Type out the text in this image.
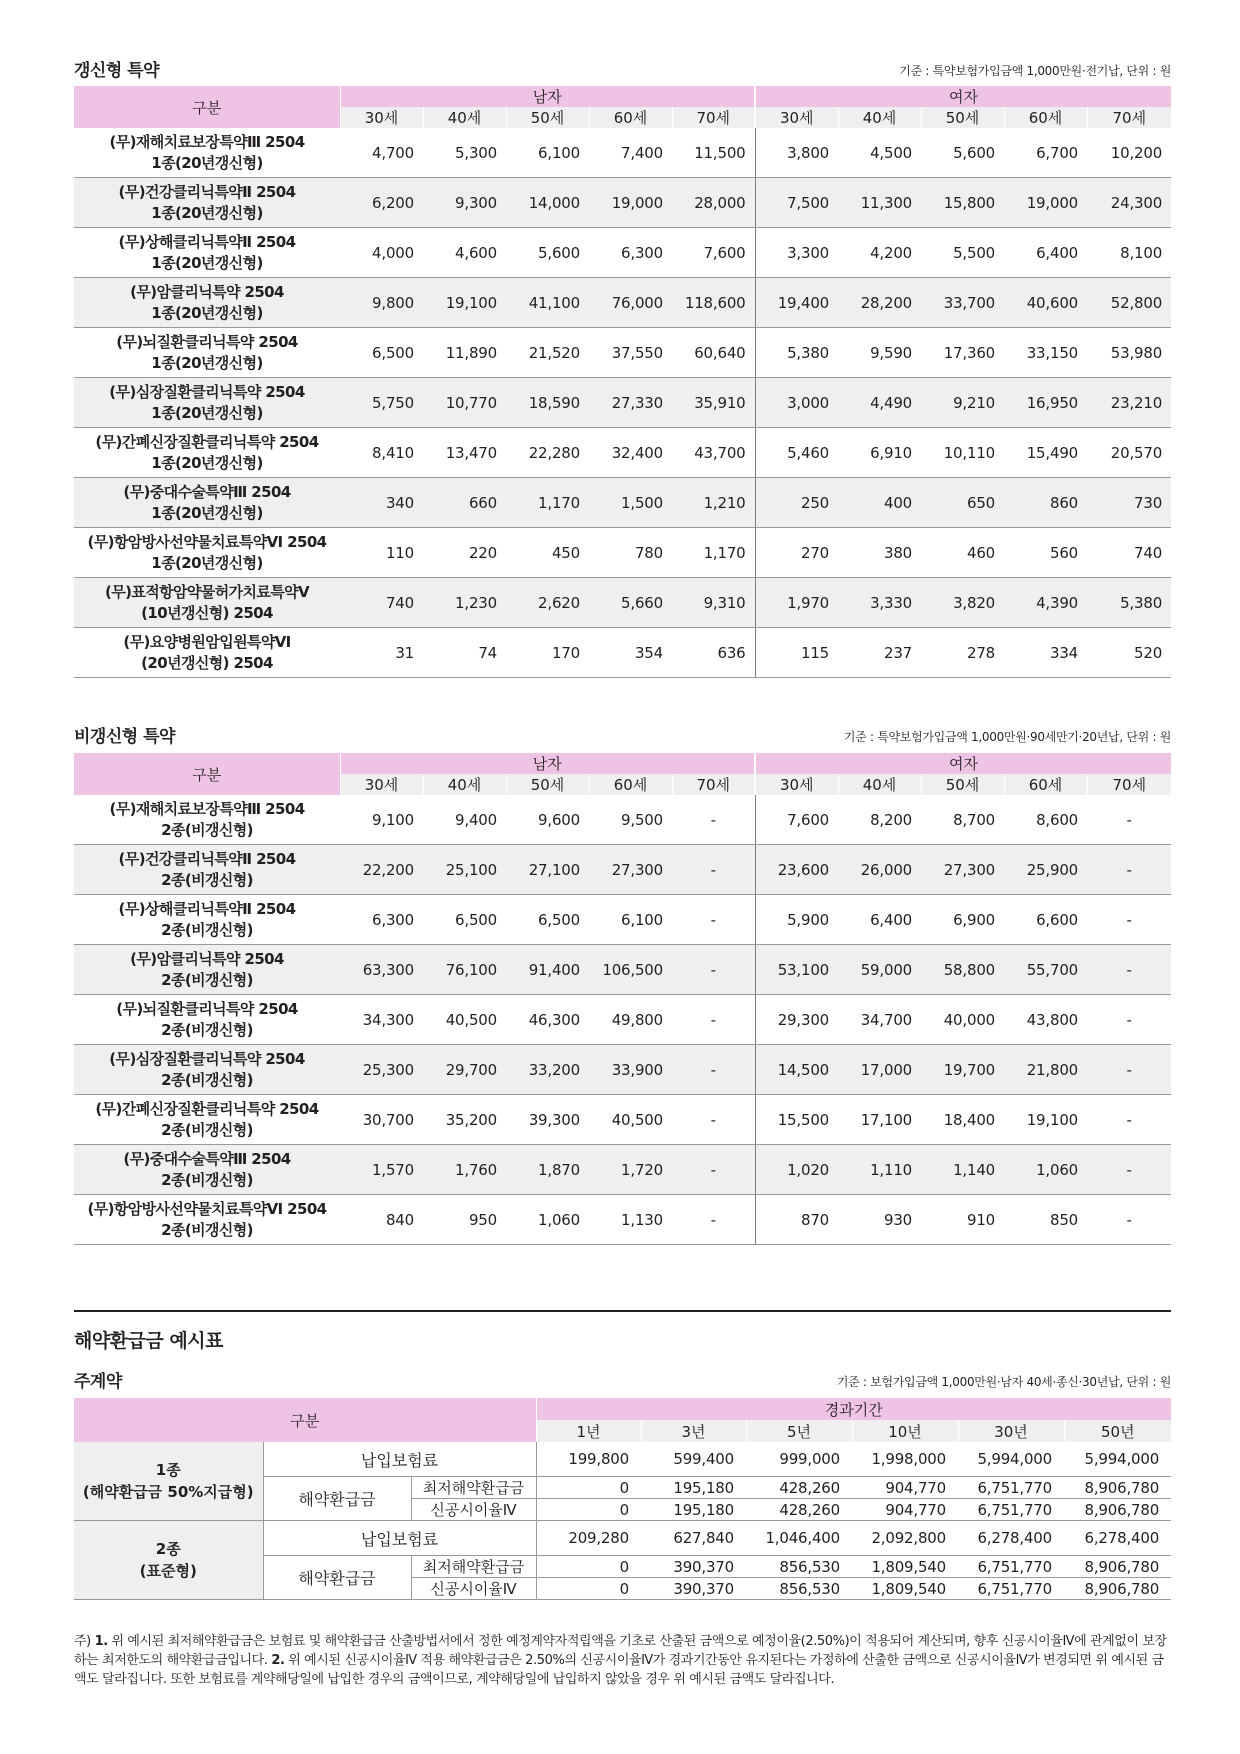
갱신형 특약	기준 : 특약보험가입금액 1,000만원·전기납, 단위 : 원
구분	남자					여자				
	30세	40세	50세	60세	70세	30세	40세	50세	60세	70세

(무)재해치료보장특약Ⅲ 2504
1종(20년갱신형)	4,700	5,300	6,100	7,400	11,500	3,800	4,500	5,600	6,700	10,200

(무)건강클리닉특약Ⅱ 2504
1종(20년갱신형)	6,200	9,300	14,000	19,000	28,000	7,500	11,300	15,800	19,000	24,300

(무)상해클리닉특약Ⅱ 2504
1종(20년갱신형)	4,000	4,600	5,600	6,300	7,600	3,300	4,200	5,500	6,400	8,100

(무)암클리닉특약 2504
1종(20년갱신형)	9,800	19,100	41,100	76,000	118,600	19,400	28,200	33,700	40,600	52,800

(무)뇌질환클리닉특약 2504
1종(20년갱신형)	6,500	11,890	21,520	37,550	60,640	5,380	9,590	17,360	33,150	53,980

(무)심장질환클리닉특약 2504
1종(20년갱신형)	5,750	10,770	18,590	27,330	35,910	3,000	4,490	9,210	16,950	23,210

(무)간폐신장질환클리닉특약 2504
1종(20년갱신형)	8,410	13,470	22,280	32,400	43,700	5,460	6,910	10,110	15,490	20,570

(무)중대수술특약Ⅲ 2504
1종(20년갱신형)	340	660	1,170	1,500	1,210	250	400	650	860	730

(무)항암방사선약물치료특약Ⅵ 2504
1종(20년갱신형)	110	220	450	780	1,170	270	380	460	560	740

(무)표적항암약물허가치료특약Ⅴ
(10년갱신형) 2504	740	1,230	2,620	5,660	9,310	1,970	3,330	3,820	4,390	5,380

(무)요양병원암입원특약Ⅵ
(20년갱신형) 2504	31	74	170	354	636	115	237	278	334	520
비갱신형 특약	기준 : 특약보험가입금액 1,000만원·90세만기·20년납, 단위 : 원
구분	남자					여자				
	30세	40세	50세	60세	70세	30세	40세	50세	60세	70세

(무)재해치료보장특약Ⅲ 2504
2종(비갱신형)	9,100	9,400	9,600	9,500	-	7,600	8,200	8,700	8,600	-

(무)건강클리닉특약Ⅱ 2504
2종(비갱신형)	22,200	25,100	27,100	27,300	-	23,600	26,000	27,300	25,900	-

(무)상해클리닉특약Ⅱ 2504
2종(비갱신형)	6,300	6,500	6,500	6,100	-	5,900	6,400	6,900	6,600	-

(무)암클리닉특약 2504
2종(비갱신형)	63,300	76,100	91,400	106,500	-	53,100	59,000	58,800	55,700	-

(무)뇌질환클리닉특약 2504
2종(비갱신형)	34,300	40,500	46,300	49,800	-	29,300	34,700	40,000	43,800	-

(무)심장질환클리닉특약 2504
2종(비갱신형)	25,300	29,700	33,200	33,900	-	14,500	17,000	19,700	21,800	-

(무)간폐신장질환클리닉특약 2504
2종(비갱신형)	30,700	35,200	39,300	40,500	-	15,500	17,100	18,400	19,100	-

(무)중대수술특약Ⅲ 2504
2종(비갱신형)	1,570	1,760	1,870	1,720	-	1,020	1,110	1,140	1,060	-

(무)항암방사선약물치료특약Ⅵ 2504
2종(비갱신형)	840	950	1,060	1,130	-	870	930	910	850	-
해약환급금 예시표
주계약	기준 : 보험가입금액 1,000만원·남자 40세·종신·30년납, 단위 : 원
구분			경과기간					
			1년	3년	5년	10년	30년	50년

1종
(해약환급금 50%지급형)	납입보험료		199,800	599,400	999,000	1,998,000	5,994,000	5,994,000
	해약환급금	최저해약환급금	0	195,180	428,260	904,770	6,751,770	8,906,780
		신공시이율Ⅳ	0	195,180	428,260	904,770	6,751,770	8,906,780

2종
(표준형)	납입보험료		209,280	627,840	1,046,400	2,092,800	6,278,400	6,278,400
	해약환급금	최저해약환급금	0	390,370	856,530	1,809,540	6,751,770	8,906,780
		신공시이율Ⅳ	0	390,370	856,530	1,809,540	6,751,770	8,906,780
주) 1. 위 예시된 최저해약환급금은 보험료 및 해약환급금 산출방법서에서 정한 예정계약자적립액을 기초로 산출된 금액으로 예정이율(2.50%)이 적용되어 계산되며, 향후 신공시이율Ⅳ에 관계없이 보장하는 최저한도의 해약환급금입니다. 2. 위 예시된 신공시이율Ⅳ 적용 해약환급금은 2.50%의 신공시이율Ⅳ가 경과기간동안 유지된다는 가정하에 산출한 금액으로 신공시이율Ⅳ가 변경되면 위 예시된 금액도 달라집니다. 또한 보험료를 계약해당일에 납입한 경우의 금액이므로, 계약해당일에 납입하지 않았을 경우 위 예시된 금액도 달라집니다.
